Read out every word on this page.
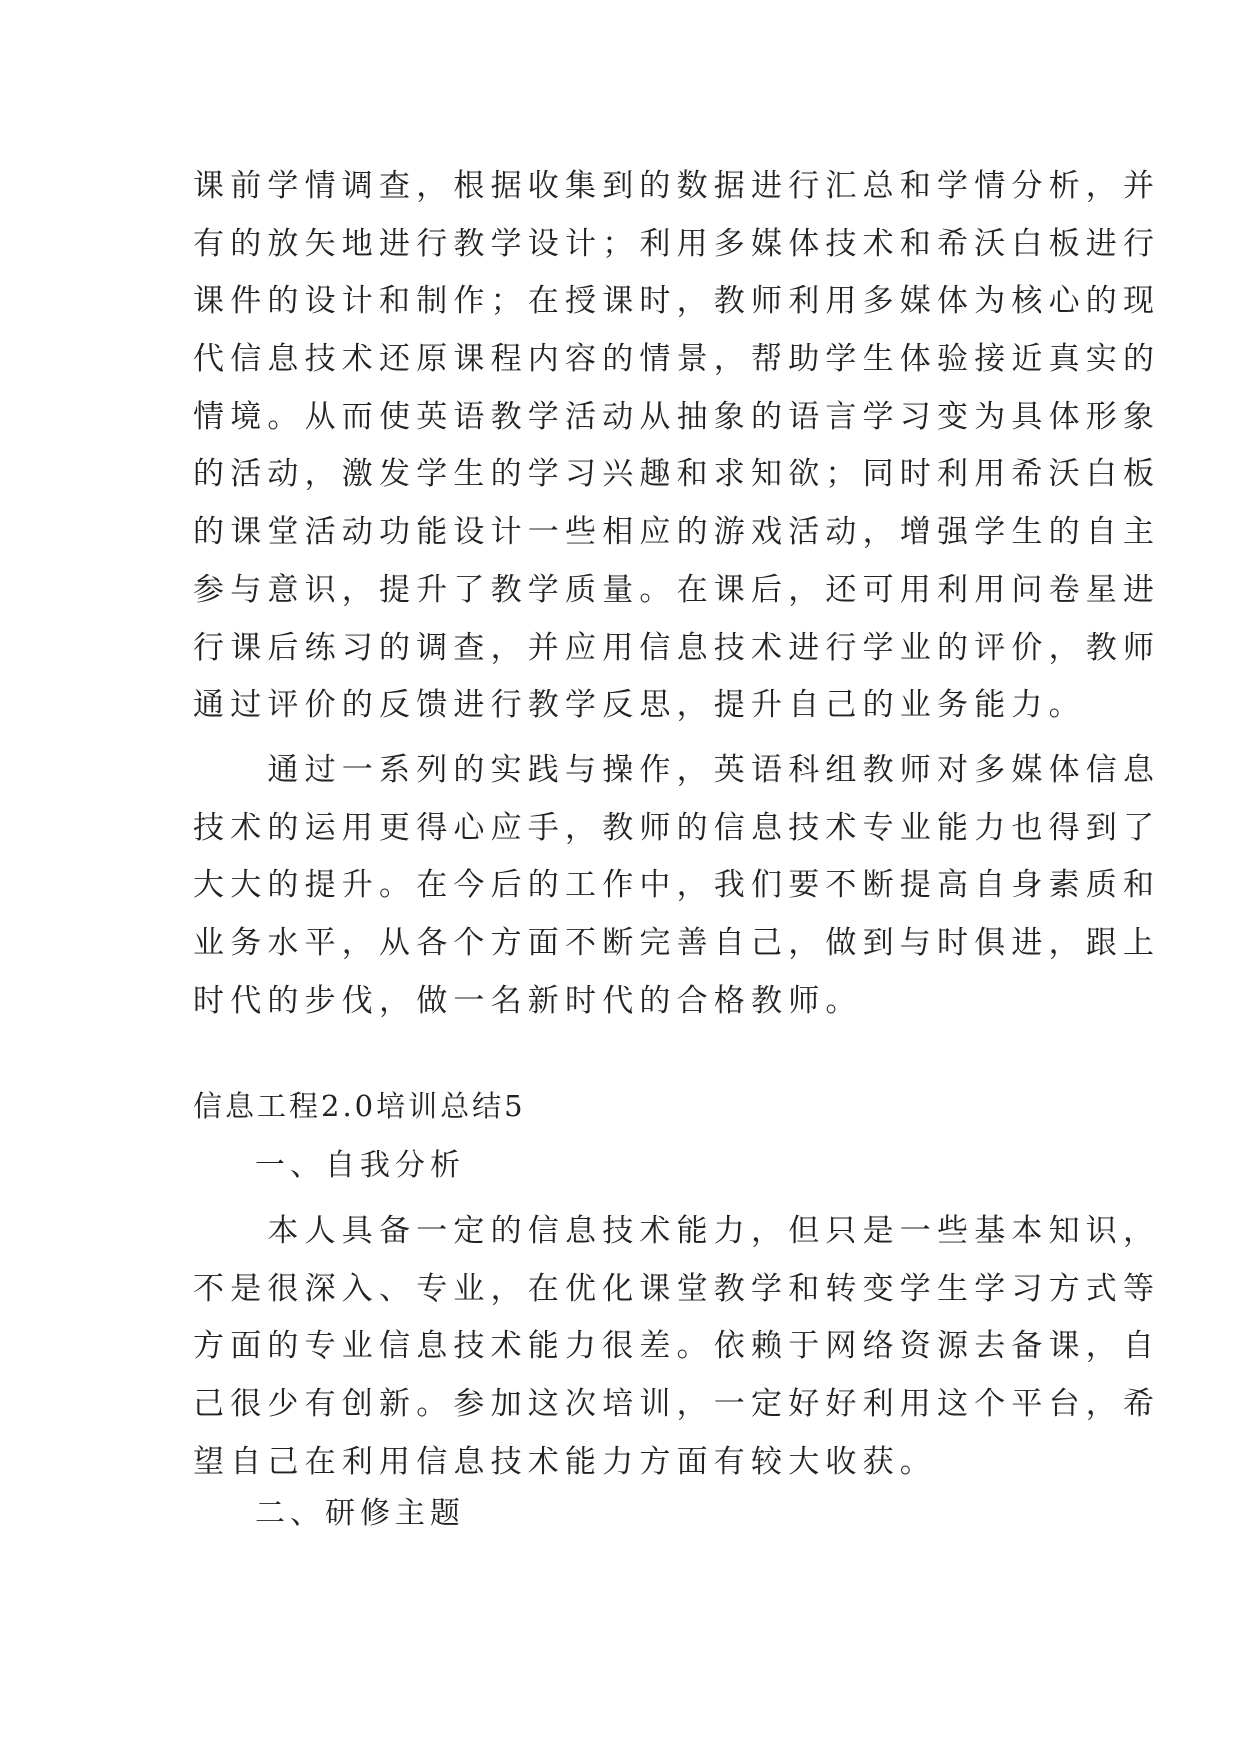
课前学情调查，根据收集到的数据进行汇总和学情分析，并
有的放矢地进行教学设计；利用多媒体技术和希沃白板进行
课件的设计和制作；在授课时，教师利用多媒体为核心的现
代信息技术还原课程内容的情景，帮助学生体验接近真实的
情境。从而使英语教学活动从抽象的语言学习变为具体形象
的活动，激发学生的学习兴趣和求知欲；同时利用希沃白板
的课堂活动功能设计一些相应的游戏活动，增强学生的自主
参与意识，提升了教学质量。在课后，还可用利用问卷星进
行课后练习的调查，并应用信息技术进行学业的评价，教师
通过评价的反馈进行教学反思，提升自己的业务能力。
　　通过一系列的实践与操作，英语科组教师对多媒体信息
技术的运用更得心应手，教师的信息技术专业能力也得到了
大大的提升。在今后的工作中，我们要不断提高自身素质和
业务水平，从各个方面不断完善自己，做到与时俱进，跟上
时代的步伐，做一名新时代的合格教师。
信息工程2.0培训总结5
一、自我分析
　　本人具备一定的信息技术能力，但只是一些基本知识，
不是很深入、专业，在优化课堂教学和转变学生学习方式等
方面的专业信息技术能力很差。依赖于网络资源去备课，自
己很少有创新。参加这次培训，一定好好利用这个平台，希
望自己在利用信息技术能力方面有较大收获。
二、研修主题
